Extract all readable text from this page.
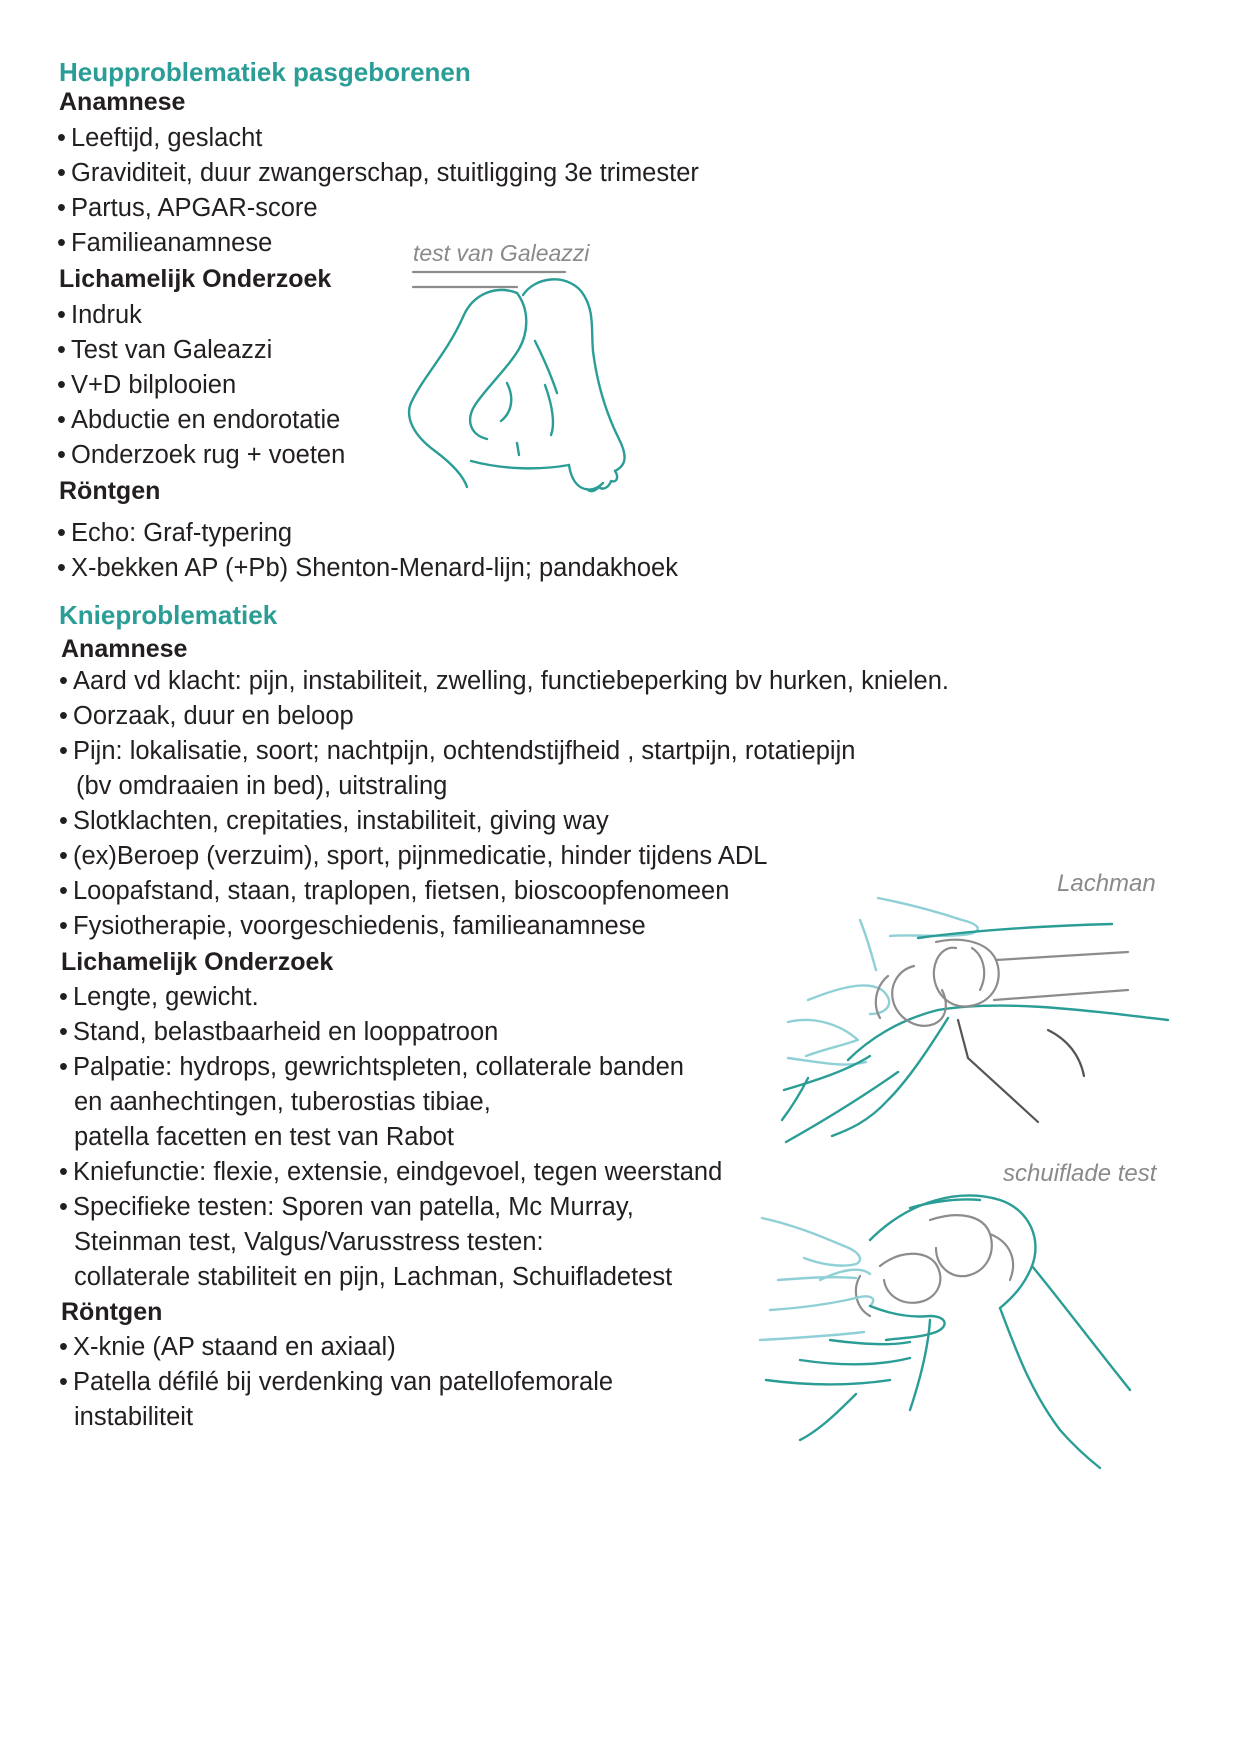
Heupproblematiek pasgeborenen
Anamnese
• Leeftijd, geslacht
• Graviditeit, duur zwangerschap, stuitligging 3e trimester
• Partus, APGAR-score
• Familieanamnese
Lichamelijk Onderzoek
• Indruk
• Test van Galeazzi
• V+D bilplooien
• Abductie en endorotatie
• Onderzoek rug + voeten
Röntgen
• Echo: Graf-typering
• X-bekken AP (+Pb) Shenton-Menard-lijn; pandakhoek
test van Galeazzi
Knieproblematiek
Anamnese
• Aard vd klacht: pijn, instabiliteit, zwelling, functiebeperking bv hurken, knielen.
• Oorzaak, duur en beloop
• Pijn: lokalisatie, soort; nachtpijn, ochtendstijfheid , startpijn, rotatiepijn
(bv omdraaien in bed), uitstraling
• Slotklachten, crepitaties, instabiliteit, giving way
• (ex)Beroep (verzuim), sport, pijnmedicatie, hinder tijdens ADL
• Loopafstand, staan, traplopen, fietsen, bioscoopfenomeen
• Fysiotherapie, voorgeschiedenis, familieanamnese
Lichamelijk Onderzoek
• Lengte, gewicht.
• Stand, belastbaarheid en looppatroon
• Palpatie: hydrops, gewrichtspleten, collaterale banden
en aanhechtingen, tuberostias tibiae,
patella facetten en test van Rabot
• Kniefunctie: flexie, extensie, eindgevoel, tegen weerstand
• Specifieke testen: Sporen van patella, Mc Murray,
Steinman test, Valgus/Varusstress testen:
collaterale stabiliteit en pijn, Lachman, Schuifladetest
Röntgen
• X-knie (AP staand en axiaal)
• Patella défilé bij verdenking van patellofemorale
instabiliteit
Lachman
schuiflade test
